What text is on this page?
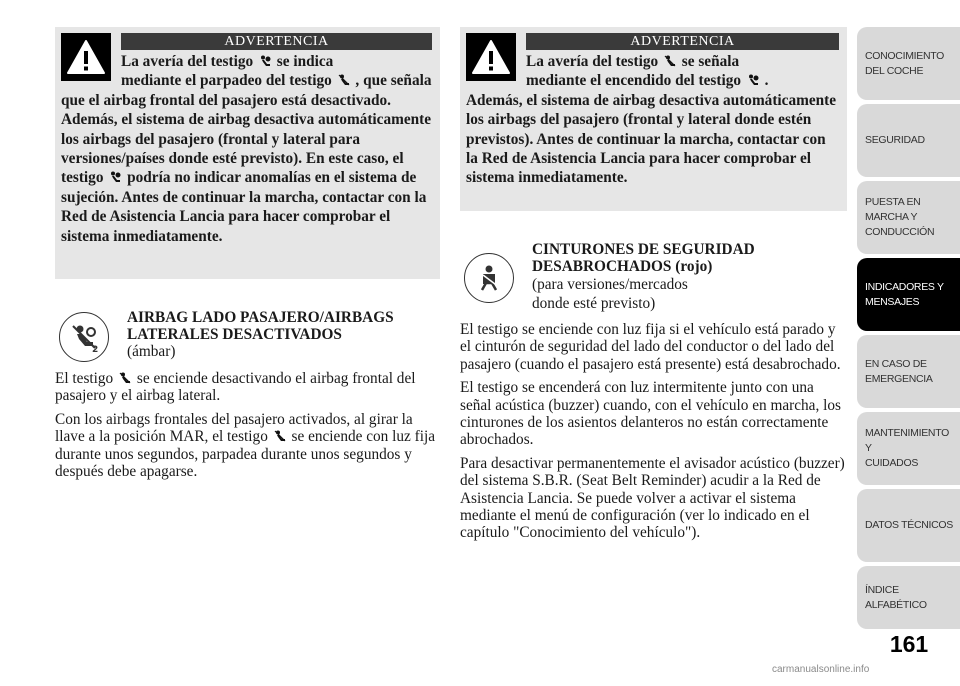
ADVERTENCIA

La avería del testigo se indica
mediante el parpadeo del testigo , que señala que el airbag frontal del pasajero está desactivado. Además, el sistema de airbag desactiva automáticamente los airbags del pasajero (frontal y lateral para versiones/países donde esté previsto). En este caso, el testigo podría no indicar anomalías en el sistema de sujeción. Antes de continuar la marcha, contactar con la Red de Asistencia Lancia para hacer comprobar el sistema inmediatamente.

2
AIRBAG LADO PASAJERO/AIRBAGS LATERALES DESACTIVADOS
(ámbar)

El testigo se enciende desactivando el airbag frontal del pasajero y el airbag lateral.

Con los airbags frontales del pasajero activados, al girar la llave a la posición MAR, el testigo se enciende con luz fija durante unos segundos, parpadea durante unos segundos y después debe apagarse.

ADVERTENCIA

La avería del testigo se señala
mediante el encendido del testigo .
Además, el sistema de airbag desactiva automáticamente los airbags del pasajero (frontal y lateral donde estén previstos). Antes de continuar la marcha, contactar con la Red de Asistencia Lancia para hacer comprobar el sistema inmediatamente.

CINTURONES DE SEGURIDAD DESABROCHADOS (rojo)
(para versiones/mercados
donde esté previsto)

El testigo se enciende con luz fija si el vehículo está parado y el cinturón de seguridad del lado del conductor o del lado del pasajero (cuando el pasajero está presente) está desabrochado.

El testigo se encenderá con luz intermitente junto con una señal acústica (buzzer) cuando, con el vehículo en marcha, los cinturones de los asientos delanteros no están correctamente abrochados.

Para desactivar permanentemente el avisador acústico (buzzer) del sistema S.B.R. (Seat Belt Reminder) acudir a la Red de Asistencia Lancia. Se puede volver a activar el sistema mediante el menú de configuración (ver lo indicado en el capítulo "Conocimiento del vehículo").

CONOCIMIENTO
DEL COCHE
SEGURIDAD
PUESTA EN
MARCHA Y
CONDUCCIÓN
INDICADORES Y
MENSAJES
EN CASO DE
EMERGENCIA
MANTENIMIENTO Y
CUIDADOS
DATOS TÉCNICOS
ÍNDICE
ALFABÉTICO
161
carmanualsonline.info
